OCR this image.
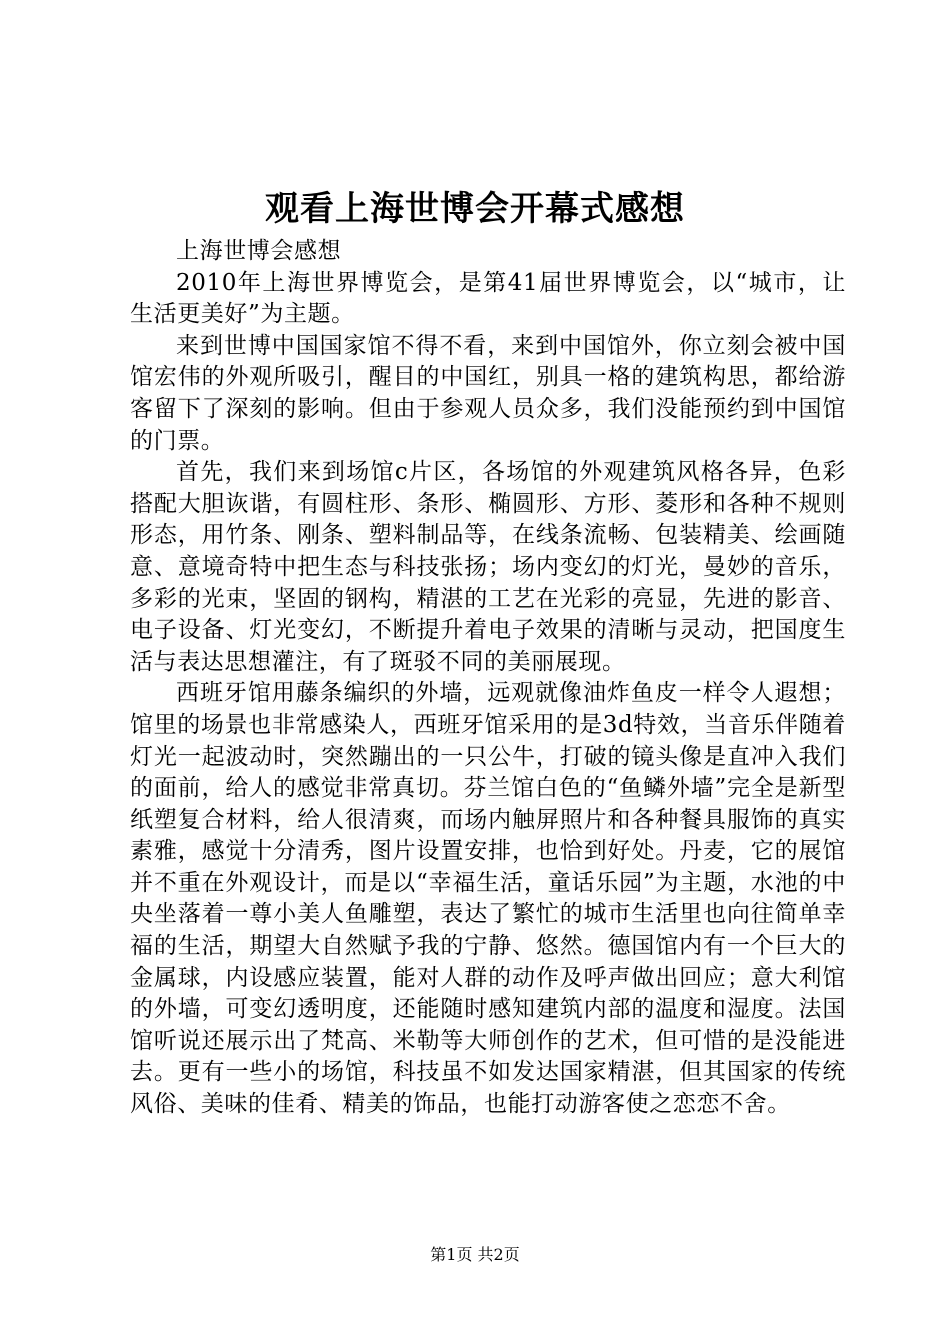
观看上海世博会开幕式感想

上海世博会感想

2010年上海世界博览会，是第41届世界博览会，以“城市，让生活更美好”为主题。

来到世博中国国家馆不得不看，来到中国馆外，你立刻会被中国馆宏伟的外观所吸引，醒目的中国红，别具一格的建筑构思，都给游客留下了深刻的影响。但由于参观人员众多，我们没能预约到中国馆的门票。

首先，我们来到场馆c片区，各场馆的外观建筑风格各异，色彩搭配大胆诙谐，有圆柱形、条形、椭圆形、方形、菱形和各种不规则形态，用竹条、刚条、塑料制品等，在线条流畅、包装精美、绘画随意、意境奇特中把生态与科技张扬；场内变幻的灯光，曼妙的音乐，多彩的光束，坚固的钢构，精湛的工艺在光彩的亮显，先进的影音、电子设备、灯光变幻，不断提升着电子效果的清晰与灵动，把国度生活与表达思想灌注，有了斑驳不同的美丽展现。

西班牙馆用藤条编织的外墙，远观就像油炸鱼皮一样令人遐想；馆里的场景也非常感染人，西班牙馆采用的是3d特效，当音乐伴随着灯光一起波动时，突然蹦出的一只公牛，打破的镜头像是直冲入我们的面前，给人的感觉非常真切。芬兰馆白色的“鱼鳞外墙”完全是新型纸塑复合材料，给人很清爽，而场内触屏照片和各种餐具服饰的真实素雅，感觉十分清秀，图片设置安排，也恰到好处。丹麦，它的展馆并不重在外观设计，而是以“幸福生活，童话乐园”为主题，水池的中央坐落着一尊小美人鱼雕塑，表达了繁忙的城市生活里也向往简单幸福的生活，期望大自然赋予我的宁静、悠然。德国馆内有一个巨大的金属球，内设感应装置，能对人群的动作及呼声做出回应；意大利馆的外墙，可变幻透明度，还能随时感知建筑内部的温度和湿度。法国馆听说还展示出了梵高、米勒等大师创作的艺术，但可惜的是没能进去。更有一些小的场馆，科技虽不如发达国家精湛，但其国家的传统风俗、美味的佳肴、精美的饰品，也能打动游客使之恋恋不舍。

第1页 共2页
